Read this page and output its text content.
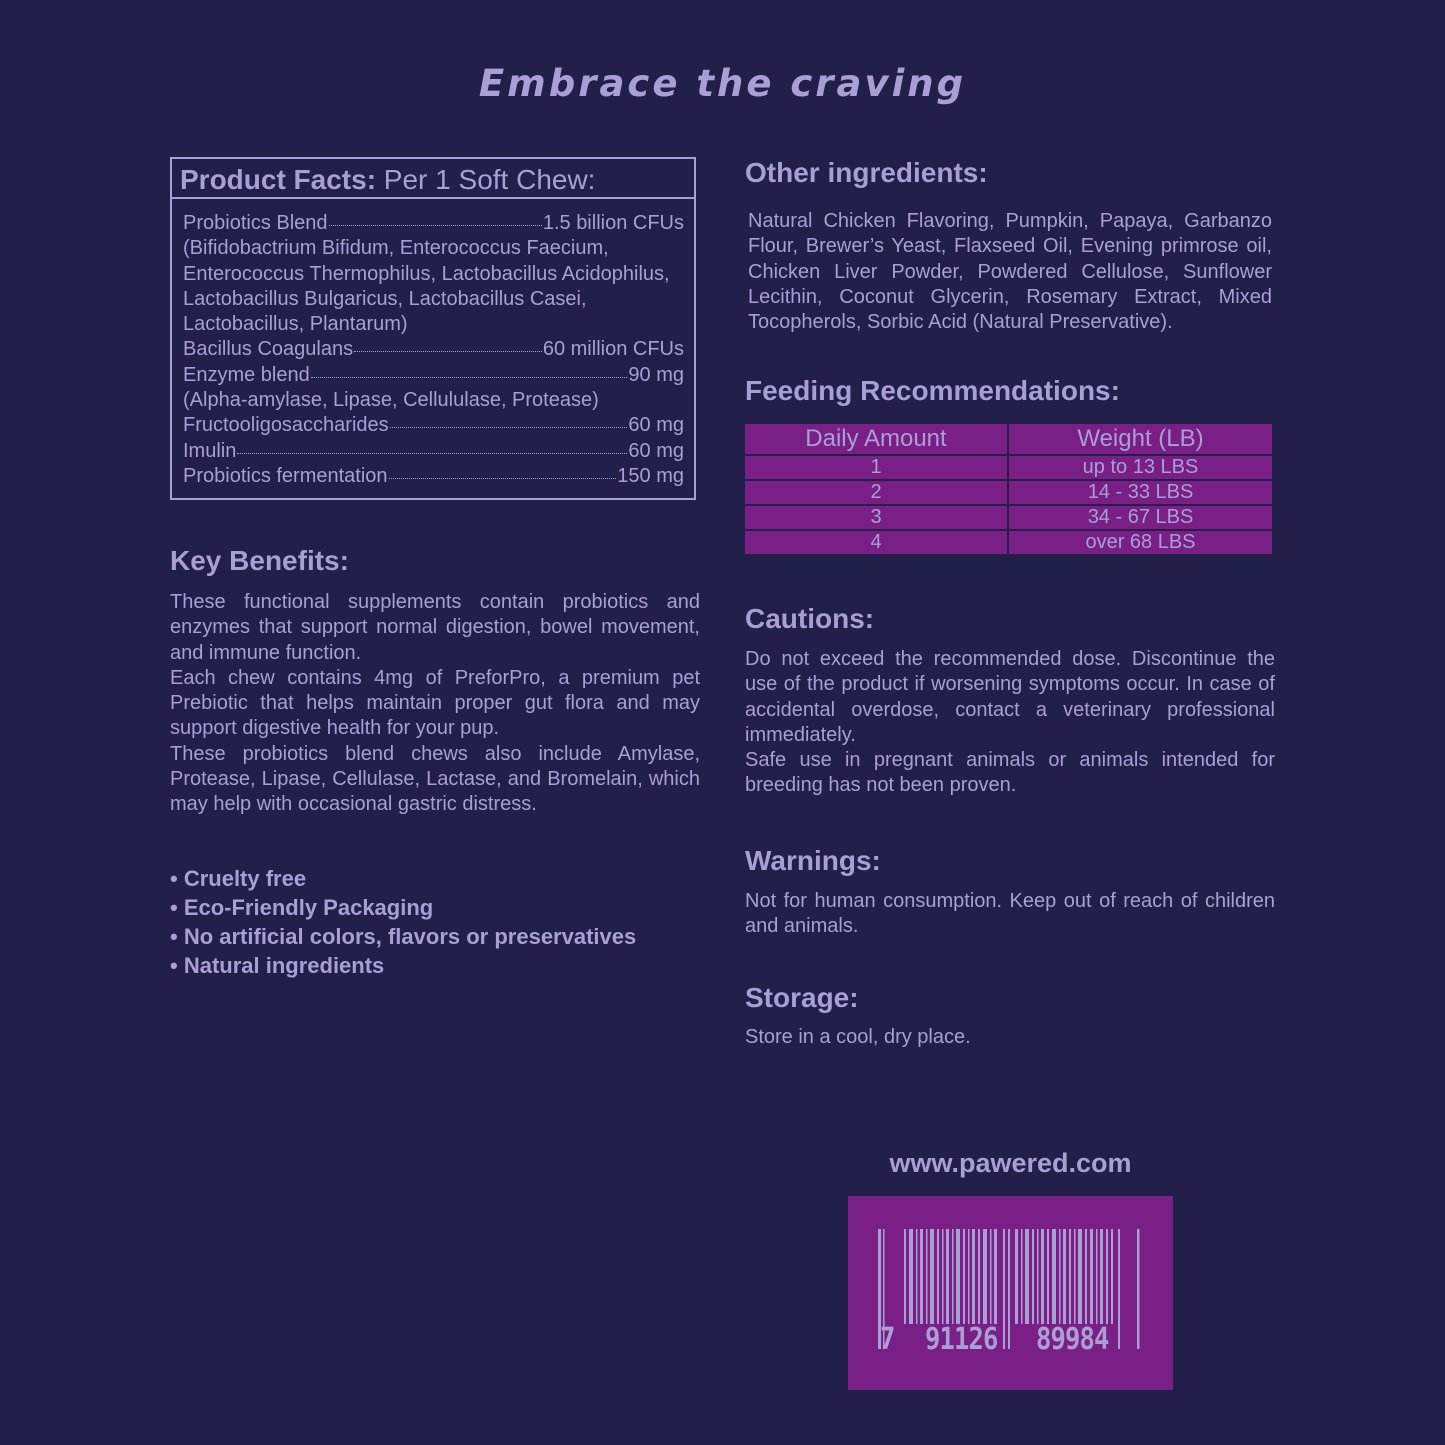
Embrace the craving
Product Facts: Per 1 Soft Chew:
Probiotics Blend	1.5 billion CFUs
(Bifidobactrium Bifidum, Enterococcus Faecium,
Enterococcus Thermophilus, Lactobacillus Acidophilus,
Lactobacillus Bulgaricus, Lactobacillus Casei,
Lactobacillus, Plantarum)
Bacillus Coagulans	60 million CFUs
Enzyme blend	90 mg
(Alpha-amylase, Lipase, Cellululase, Protease)
Fructooligosaccharides	60 mg
Imulin	60 mg
Probiotics fermentation	150 mg
Key Benefits:

These functional supplements contain probiotics and enzymes that support normal digestion, bowel movement, and immune function.

Each chew contains 4mg of PreforPro, a premium pet Prebiotic that helps maintain proper gut flora and may support digestive health for your pup.

These probiotics blend chews also include Amylase, Protease, Lipase, Cellulase, Lactase, and Bromelain, which may help with occasional gastric distress.

• Cruelty free
• Eco-Friendly Packaging
• No artificial colors, flavors or preservatives
• Natural ingredients
Other ingredients:

Natural Chicken Flavoring, Pumpkin, Papaya, Garbanzo Flour, Brewer’s Yeast, Flaxseed Oil, Evening primrose oil, Chicken Liver Powder, Powdered Cellulose, Sunflower Lecithin, Coconut Glycerin, Rosemary Extract, Mixed Tocopherols, Sorbic Acid (Natural Preservative).

Feeding Recommendations:
Daily Amount	Weight (LB)
1	up to 13 LBS
2	14 - 33 LBS
3	34 - 67 LBS
4	over 68 LBS
Cautions:

Do not exceed the recommended dose. Discontinue the use of the product if worsening symptoms occur. In case of accidental overdose, contact a veterinary professional immediately.

Safe use in pregnant animals or animals intended for breeding has not been proven.

Warnings:

Not for human consumption. Keep out of reach of children and animals.

Storage:

Store in a cool, dry place.

www.pawered.com
7 91126 89984
